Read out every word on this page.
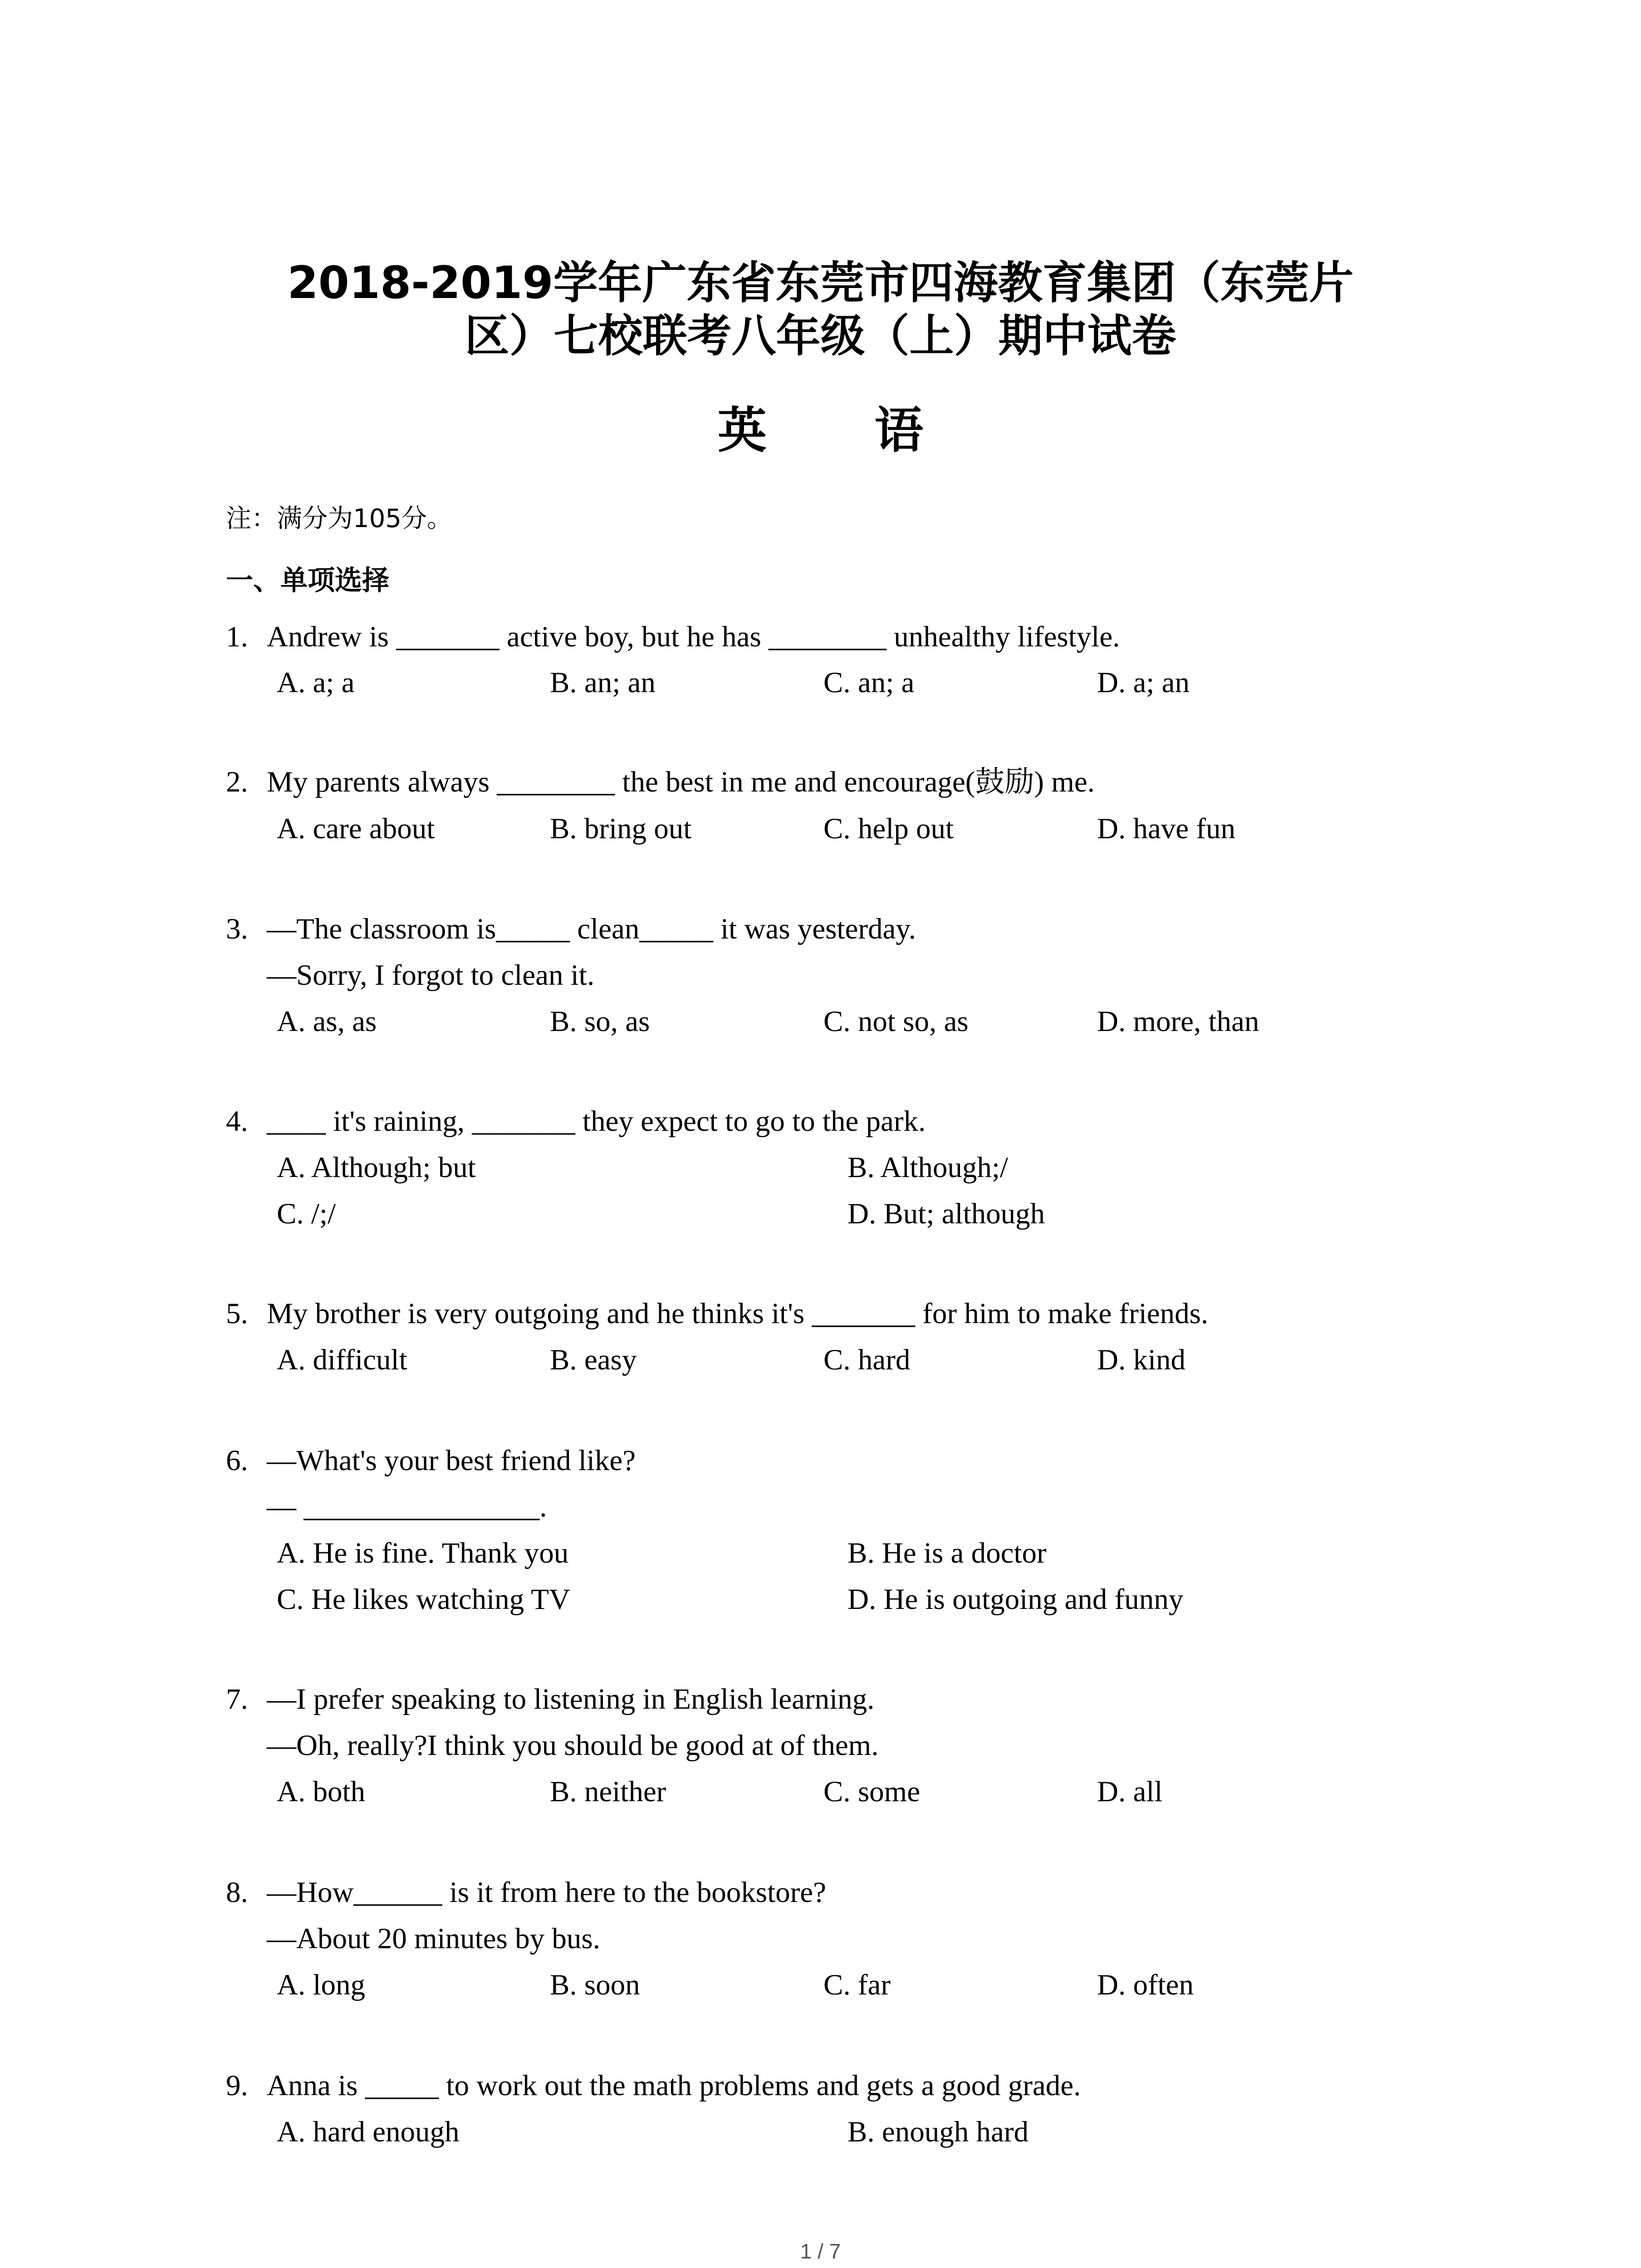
2018-2019学年广东省东莞市四海教育集团（东莞片
区）七校联考八年级（上）期中试卷
英 语
注：满分为105分。
一、单项选择
1. Andrew is _______ active boy, but he has ________ unhealthy lifestyle.
A. a; a	B. an; an	C. an; a	D. a; an
2. My parents always ________ the best in me and encourage(鼓励) me.
A. care about	B. bring out	C. help out	D. have fun
3. —The classroom is_____ clean_____ it was yesterday.
—Sorry, I forgot to clean it.
A. as, as	B. so, as	C. not so, as	D. more, than
4. ____ it's raining, _______ they expect to go to the park.
A. Although; but	B. Although;/
C. /;/	D. But; although
5. My brother is very outgoing and he thinks it's _______ for him to make friends.
A. difficult	B. easy	C. hard	D. kind
6. —What's your best friend like?
— ________________.
A. He is fine. Thank you	B. He is a doctor
C. He likes watching TV	D. He is outgoing and funny
7. —I prefer speaking to listening in English learning.
—Oh, really?I think you should be good at of them.
A. both	B. neither	C. some	D. all
8. —How______ is it from here to the bookstore?
—About 20 minutes by bus.
A. long	B. soon	C. far	D. often
9. Anna is _____ to work out the math problems and gets a good grade.
A. hard enough	B. enough hard
1 / 7
